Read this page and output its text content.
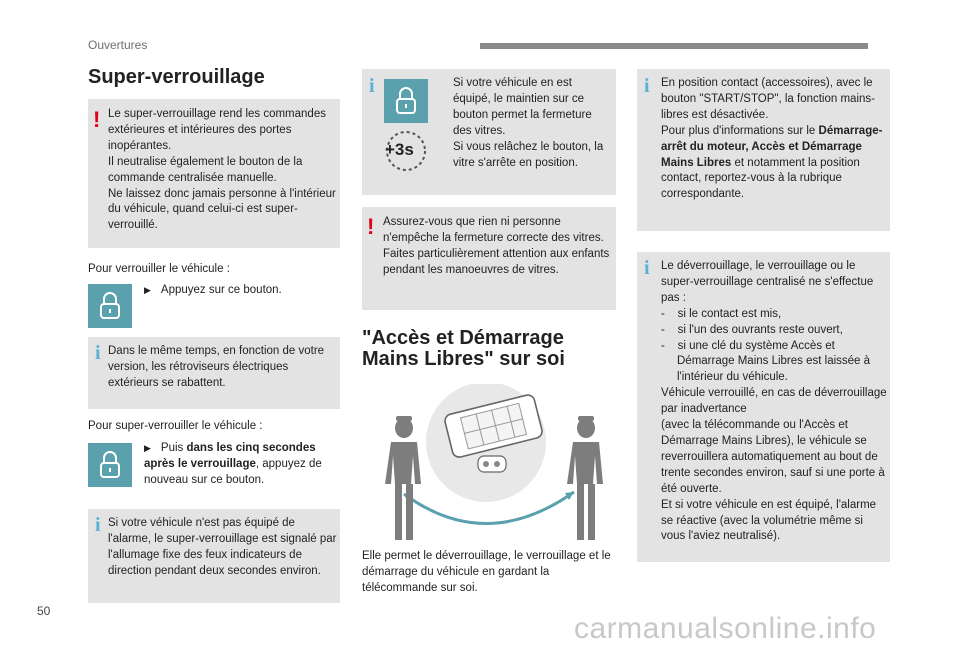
Ouvertures
Super-verrouillage
! Le super-verrouillage rend les commandes extérieures et intérieures des portes inopérantes.
Il neutralise également le bouton de la commande centralisée manuelle.
Ne laissez donc jamais personne à l'intérieur du véhicule, quand celui-ci est super-verrouillé.
Pour verrouiller le véhicule :
▶ Appuyez sur ce bouton.
i Dans le même temps, en fonction de votre version, les rétroviseurs électriques extérieurs se rabattent.
Pour super-verrouiller le véhicule :
▶ Puis dans les cinq secondes après le verrouillage, appuyez de nouveau sur ce bouton.
i Si votre véhicule n'est pas équipé de l'alarme, le super-verrouillage est signalé par l'allumage fixe des feux indicateurs de direction pendant deux secondes environ.
i
+3s
Si votre véhicule en est équipé, le maintien sur ce bouton permet la fermeture des vitres.
Si vous relâchez le bouton, la vitre s'arrête en position.
! Assurez-vous que rien ni personne n'empêche la fermeture correcte des vitres.
Faites particulièrement attention aux enfants pendant les manoeuvres de vitres.
"Accès et Démarrage Mains Libres" sur soi
Elle permet le déverrouillage, le verrouillage et le démarrage du véhicule en gardant la télécommande sur soi.
i En position contact (accessoires), avec le bouton "START/STOP", la fonction mains-libres est désactivée.
Pour plus d'informations sur le Démarrage-arrêt du moteur, Accès et Démarrage Mains Libres et notamment la position contact, reportez-vous à la rubrique correspondante.
i Le déverrouillage, le verrouillage ou le super-verrouillage centralisé ne s'effectue pas :
-    si le contact est mis,
-    si l'un des ouvrants reste ouvert,
-    si une clé du système Accès et Démarrage Mains Libres est laissée à l'intérieur du véhicule.
Véhicule verrouillé, en cas de déverrouillage par inadvertance
(avec la télécommande ou l'Accès et Démarrage Mains Libres), le véhicule se reverrouillera automatiquement au bout de trente secondes environ, sauf si une porte à été ouverte.
Et si votre véhicule en est équipé, l'alarme se réactive (avec la volumétrie même si vous l'aviez neutralisé).
50
carmanualsonline.info
